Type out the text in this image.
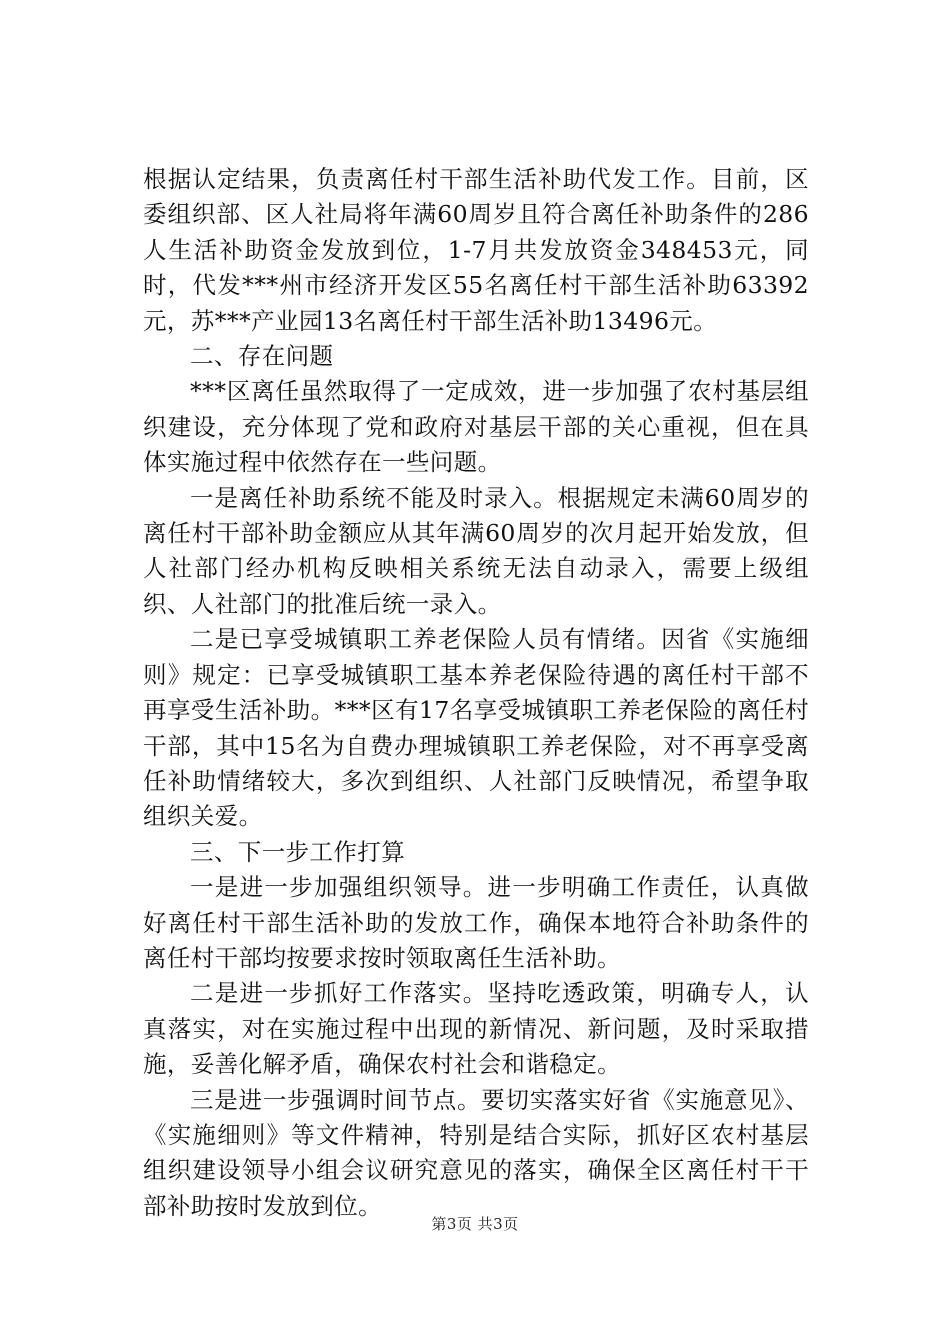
根据认定结果，负责离任村干部生活补助代发工作。目前，区委组织部、区人社局将年满60周岁且符合离任补助条件的286人生活补助资金发放到位，1-7月共发放资金348453元，同时，代发***州市经济开发区55名离任村干部生活补助63392元，苏***产业园13名离任村干部生活补助13496元。

二、存在问题

***区离任虽然取得了一定成效，进一步加强了农村基层组织建设，充分体现了党和政府对基层干部的关心重视，但在具体实施过程中依然存在一些问题。

一是离任补助系统不能及时录入。根据规定未满60周岁的离任村干部补助金额应从其年满60周岁的次月起开始发放，但人社部门经办机构反映相关系统无法自动录入，需要上级组织、人社部门的批准后统一录入。

二是已享受城镇职工养老保险人员有情绪。因省《实施细则》规定：已享受城镇职工基本养老保险待遇的离任村干部不再享受生活补助。***区有17名享受城镇职工养老保险的离任村干部，其中15名为自费办理城镇职工养老保险，对不再享受离任补助情绪较大，多次到组织、人社部门反映情况，希望争取组织关爱。

三、下一步工作打算

一是进一步加强组织领导。进一步明确工作责任，认真做好离任村干部生活补助的发放工作，确保本地符合补助条件的离任村干部均按要求按时领取离任生活补助。

二是进一步抓好工作落实。坚持吃透政策，明确专人，认真落实，对在实施过程中出现的新情况、新问题，及时采取措施，妥善化解矛盾，确保农村社会和谐稳定。

三是进一步强调时间节点。要切实落实好省《实施意见》、《实施细则》等文件精神，特别是结合实际，抓好区农村基层组织建设领导小组会议研究意见的落实，确保全区离任村干干部补助按时发放到位。

第3页 共3页
